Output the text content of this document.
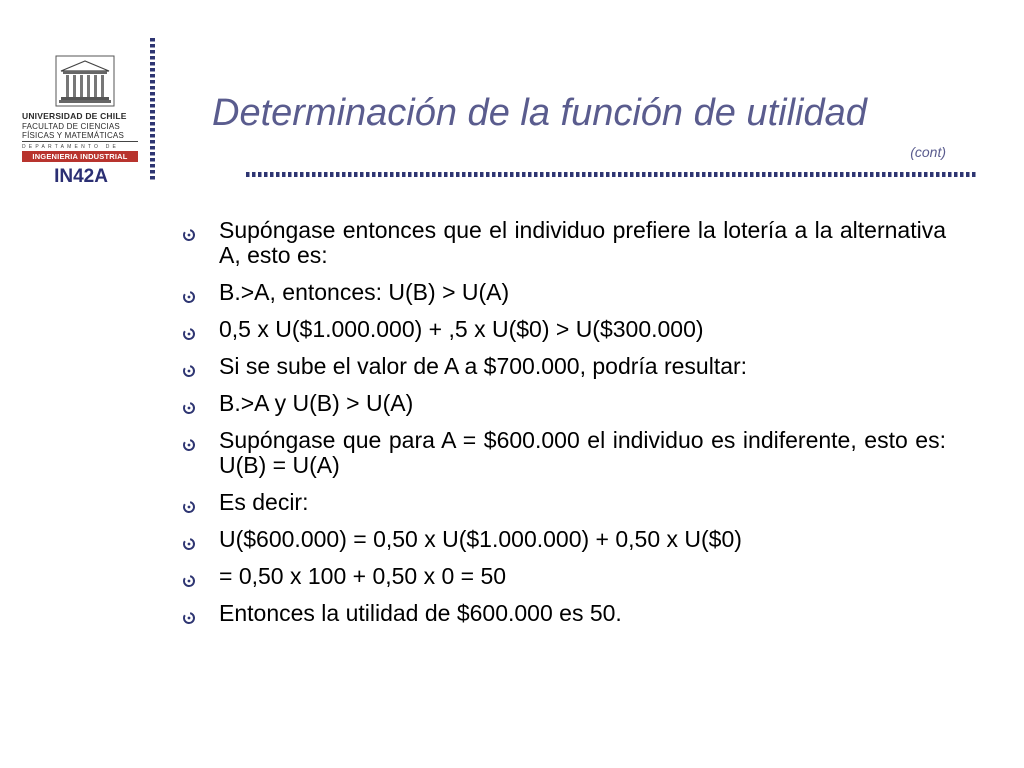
UNIVERSIDAD DE CHILE
FACULTAD DE CIENCIAS
FÍSICAS Y MATEMÁTICAS
DEPARTAMENTO DE
INGENIERIA INDUSTRIAL
IN42A
Determinación de la función de utilidad
(cont)
Supóngase entonces que el individuo prefiere la lotería a la alternativa A, esto es:
B.>A, entonces: U(B) > U(A)
0,5 x U($1.000.000) + ,5 x U($0) > U($300.000)
Si se sube el valor de A a $700.000, podría resultar:
B.>A y U(B) > U(A)
Supóngase que para A = $600.000 el individuo es indiferente, esto es: U(B) = U(A)
Es decir:
U($600.000) = 0,50 x U($1.000.000) + 0,50 x U($0)
= 0,50 x 100 + 0,50 x 0 = 50
Entonces la utilidad de $600.000 es 50.
